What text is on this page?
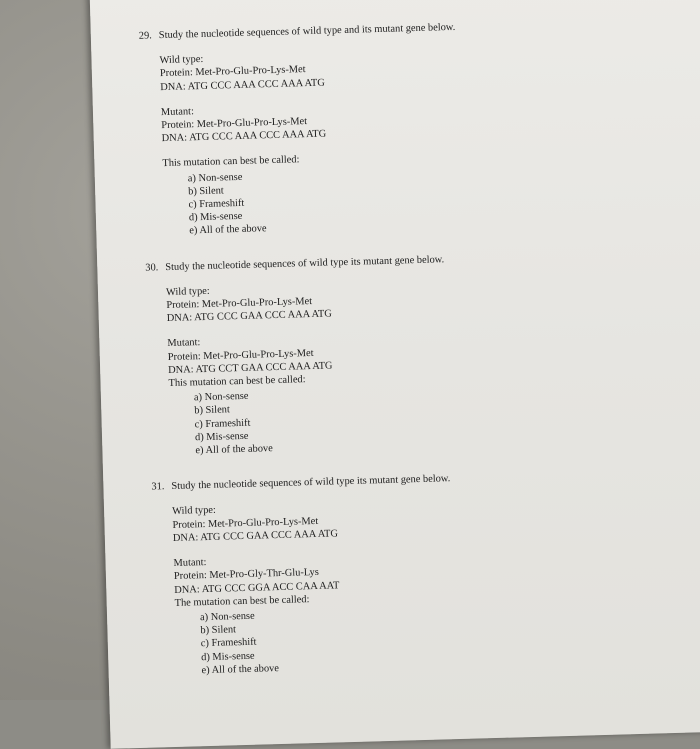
29. Study the nucleotide sequences of wild type and its mutant gene below.
Wild type:
Protein: Met-Pro-Glu-Pro-Lys-Met
DNA: ATG CCC AAA CCC AAA ATG
Mutant:
Protein: Met-Pro-Glu-Pro-Lys-Met
DNA: ATG CCC AAA CCC AAA ATG
This mutation can best be called:
a) Non-sense
b) Silent
c) Frameshift
d) Mis-sense
e) All of the above
30. Study the nucleotide sequences of wild type its mutant gene below.
Wild type:
Protein: Met-Pro-Glu-Pro-Lys-Met
DNA: ATG CCC GAA CCC AAA ATG
Mutant:
Protein: Met-Pro-Glu-Pro-Lys-Met
DNA: ATG CCT GAA CCC AAA ATG
This mutation can best be called:
a) Non-sense
b) Silent
c) Frameshift
d) Mis-sense
e) All of the above
31. Study the nucleotide sequences of wild type its mutant gene below.
Wild type:
Protein: Met-Pro-Glu-Pro-Lys-Met
DNA: ATG CCC GAA CCC AAA ATG
Mutant:
Protein: Met-Pro-Gly-Thr-Glu-Lys
DNA: ATG CCC GGA ACC CAA AAT
The mutation can best be called:
a) Non-sense
b) Silent
c) Frameshift
d) Mis-sense
e) All of the above
